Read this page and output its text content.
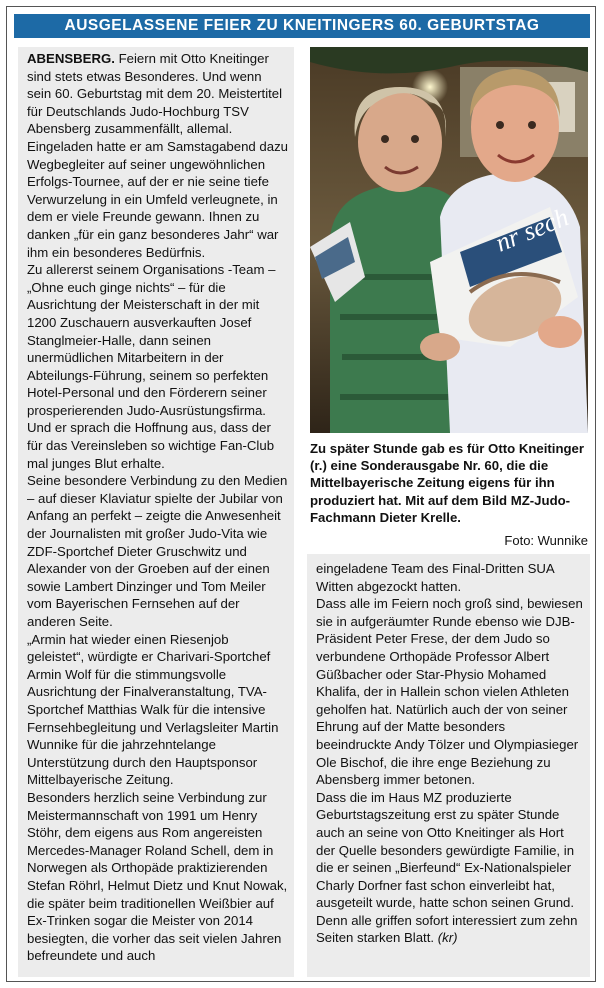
AUSGELASSENE FEIER ZU KNEITINGERS 60. GEBURTSTAG

ABENSBERG. Feiern mit Otto Kneitinger sind stets etwas Besonderes. Und wenn sein 60. Geburtstag mit dem 20. Meistertitel für Deutschlands Judo-Hochburg TSV Abensberg zusammenfällt, allemal. Eingeladen hatte er am Samstagabend dazu Wegbegleiter auf seiner ungewöhnlichen Erfolgs-Tournee, auf der er nie seine tiefe Verwurzelung in ein Umfeld verleugnete, in dem er viele Freunde gewann. Ihnen zu danken „für ein ganz besonderes Jahr“ war ihm ein besonderes Bedürfnis.

Zu allererst seinem Organisations -Team – „Ohne euch ginge nichts“ – für die Ausrichtung der Meisterschaft in der mit 1200 Zuschauern ausverkauften Josef Stanglmeier-Halle, dann seinen unermüdlichen Mitarbeitern in der Abteilungs-Führung, seinem so perfekten Hotel-Personal und den Förderern seiner prosperierenden Judo-Ausrüstungsfirma.

Und er sprach die Hoffnung aus, dass der für das Vereinsleben so wichtige Fan-Club mal junges Blut erhalte.

Seine besondere Verbindung zu den Medien – auf dieser Klaviatur spielte der Jubilar von Anfang an perfekt – zeigte die Anwesenheit der Journalisten mit großer Judo-Vita wie ZDF-Sportchef Dieter Gruschwitz und Alexander von der Groeben auf der einen sowie Lambert Dinzinger und Tom Meiler vom Bayerischen Fernsehen auf der anderen Seite.

„Armin hat wieder einen Riesenjob geleistet“, würdigte er Charivari-Sportchef Armin Wolf für die stimmungsvolle Ausrichtung der Finalveranstaltung, TVA-Sportchef Matthias Walk für die intensive Fernsehbegleitung und Verlagsleiter Martin Wunnike für die jahrzehntelange Unterstützung durch den Hauptsponsor Mittelbayerische Zeitung.

Besonders herzlich seine Verbindung zur Meistermannschaft von 1991 um Henry Stöhr, dem eigens aus Rom angereisten Mercedes-Manager Roland Schell, dem in Norwegen als Orthopäde praktizierenden Stefan Röhrl, Helmut Dietz und Knut Nowak, die später beim traditionellen Weißbier auf Ex-Trinken sogar die Meister von 2014 besiegten, die vorher das seit vielen Jahren befreundete und auch

nr sech
Zu später Stunde gab es für Otto Kneitinger (r.) eine Sonderausgabe Nr. 60, die die Mittelbayerische Zeitung eigens für ihn produziert hat. Mit auf dem Bild MZ-Judo-Fachmann Dieter Krelle.
Foto: Wunnike

eingeladene Team des Final-Dritten SUA Witten abgezockt hatten.

Dass alle im Feiern noch groß sind, bewiesen sie in aufgeräumter Runde ebenso wie DJB-Präsident Peter Frese, der dem Judo so verbundene Orthopäde Professor Albert Güßbacher oder Star-Physio Mohamed Khalifa, der in Hallein schon vielen Athleten geholfen hat. Natürlich auch der von seiner Ehrung auf der Matte besonders beeindruckte Andy Tölzer und Olympiasieger Ole Bischof, die ihre enge Beziehung zu Abensberg immer betonen.

Dass die im Haus MZ produzierte Geburtstagszeitung erst zu später Stunde auch an seine von Otto Kneitinger als Hort der Quelle besonders gewürdigte Familie, in die er seinen „Bierfeund“ Ex-Nationalspieler Charly Dorfner fast schon einverleibt hat, ausgeteilt wurde, hatte schon seinen Grund. Denn alle griffen sofort interessiert zum zehn Seiten starken Blatt. (kr)
